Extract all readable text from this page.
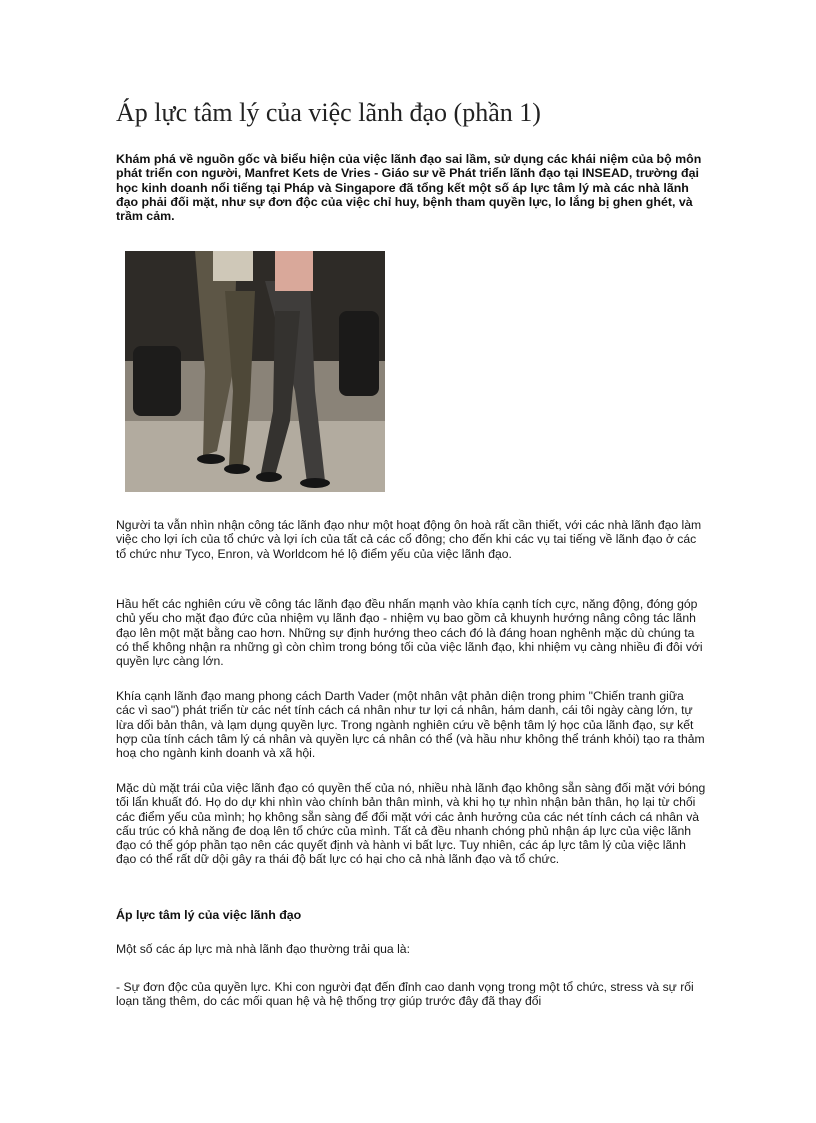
Áp lực tâm lý của việc lãnh đạo (phần 1)

Khám phá về nguồn gốc và biểu hiện của việc lãnh đạo sai lầm, sử dụng các khái niệm của bộ môn phát triển con người, Manfret Kets de Vries - Giáo sư về Phát triển lãnh đạo tại INSEAD, trường đại học kinh doanh nổi tiếng tại Pháp và Singapore đã tổng kết một số áp lực tâm lý mà các nhà lãnh đạo phải đối mặt, như sự đơn độc của việc chỉ huy, bệnh tham quyền lực, lo lắng bị ghen ghét, và trầm cảm.

Người ta vẫn nhìn nhận công tác lãnh đạo như một hoạt động ôn hoà rất cần thiết, với các nhà lãnh đạo làm việc cho lợi ích của tổ chức và lợi ích của tất cả các cổ đông; cho đến khi các vụ tai tiếng về lãnh đạo ở các tổ chức như Tyco, Enron, và Worldcom hé lộ điểm yếu của việc lãnh đạo.

Hầu hết các nghiên cứu về công tác lãnh đạo đều nhấn mạnh vào khía cạnh tích cực, năng động, đóng góp chủ yếu cho mặt đạo đức của nhiệm vụ lãnh đạo - nhiệm vụ bao gồm cả khuynh hướng nâng công tác lãnh đạo lên một mặt bằng cao hơn. Những sự định hướng theo cách đó là đáng hoan nghênh mặc dù chúng ta có thể không nhận ra những gì còn chìm trong bóng tối của việc lãnh đạo, khi nhiệm vụ càng nhiều đi đôi với quyền lực càng lớn.

Khía cạnh lãnh đạo mang phong cách Darth Vader (một nhân vật phản diện trong phim "Chiến tranh giữa các vì sao") phát triển từ các nét tính cách cá nhân như tư lợi cá nhân, hám danh, cái tôi ngày càng lớn, tự lừa dối bản thân, và lạm dụng quyền lực. Trong ngành nghiên cứu về bệnh tâm lý học của lãnh đạo, sự kết hợp của tính cách tâm lý cá nhân và quyền lực cá nhân có thể (và hầu như không thể tránh khỏi) tạo ra thảm hoạ cho ngành kinh doanh và xã hội.

Mặc dù mặt trái của việc lãnh đạo có quyền thế của nó, nhiều nhà lãnh đạo không sẵn sàng đối mặt với bóng tối lẩn khuất đó. Họ do dự khi nhìn vào chính bản thân mình, và khi họ tự nhìn nhận bản thân, họ lại từ chối các điểm yếu của mình; họ không sẵn sàng để đối mặt với các ảnh hưởng của các nét tính cách cá nhân và cấu trúc có khả năng đe doạ lên tổ chức của mình. Tất cả đều nhanh chóng phủ nhận áp lực của việc lãnh đạo có thể góp phần tạo nên các quyết định và hành vi bất lực. Tuy nhiên, các áp lực tâm lý của việc lãnh đạo có thể rất dữ dội gây ra thái độ bất lực có hại cho cả nhà lãnh đạo và tổ chức.

Áp lực tâm lý của việc lãnh đạo

Một số các áp lực mà nhà lãnh đạo thường trải qua là:

- Sự đơn độc của quyền lực. Khi con người đạt đến đỉnh cao danh vọng trong một tổ chức, stress và sự rối loạn tăng thêm, do các mối quan hệ và hệ thống trợ giúp trước đây đã thay đổi
